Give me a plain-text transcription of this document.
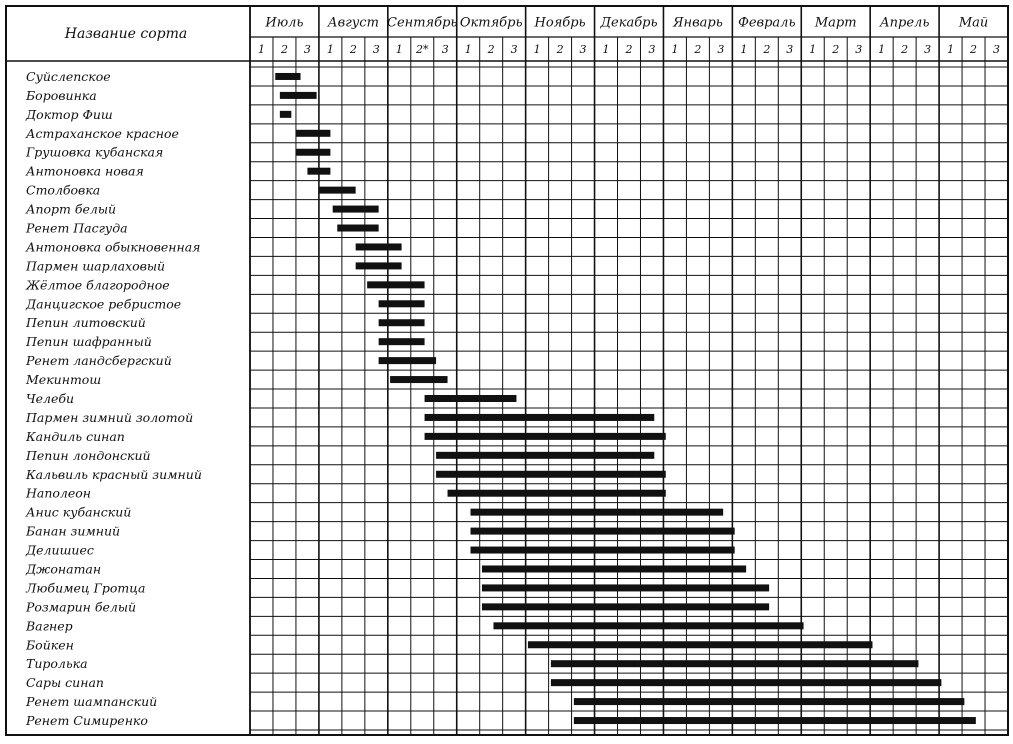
Название сорта
Июль Август Сентябрь Октябрь Ноябрь Декабрь Январь Февраль Март Апрель Май
1 2 3 1 2 3 1 2* 3 1 2 3 1 2 3 1 2 3 1 2 3 1 2 3 1 2 3 1 2 3 1 2 3
Суйслепское
Боровинка
Доктор Фиш
Астраханское красное
Грушовка кубанская
Антоновка новая
Столбовка
Апорт белый
Ренет Пасгуда
Антоновка обыкновенная
Пармен шарлаховый
Жёлтое благородное
Данцигское ребристое
Пепин литовский
Пепин шафранный
Ренет ландсбергский
Мекинтош
Челеби
Пармен зимний золотой
Кандиль синап
Пепин лондонский
Кальвиль красный зимний
Наполеон
Анис кубанский
Банан зимний
Делишиес
Джонатан
Любимец Гротца
Розмарин белый
Вагнер
Бойкен
Тиролька
Сары синап
Ренет шампанский
Ренет Симиренко
